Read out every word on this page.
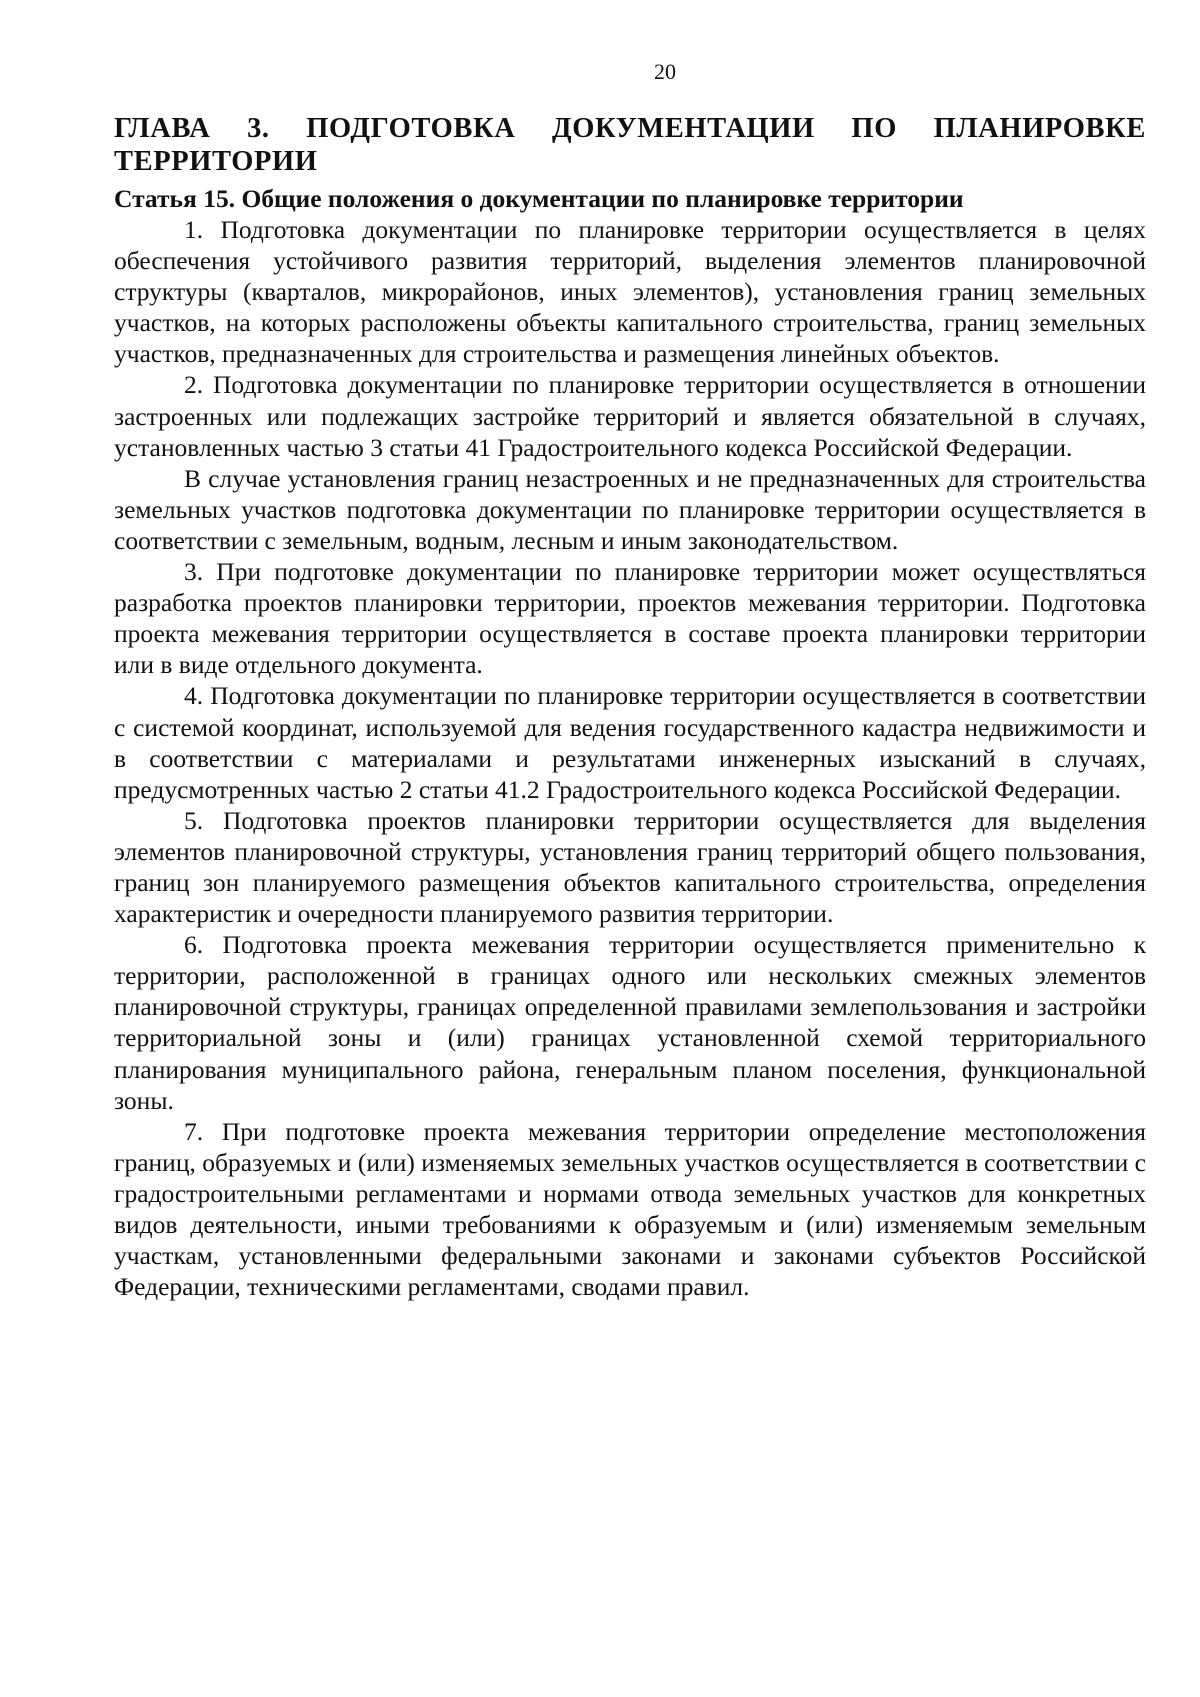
20
ГЛАВА 3. ПОДГОТОВКА ДОКУМЕНТАЦИИ ПО ПЛАНИРОВКЕ ТЕРРИТОРИИ
Статья 15. Общие положения о документации по планировке территории

1. Подготовка документации по планировке территории осуществляется в целях обеспечения устойчивого развития территорий, выделения элементов планировочной структуры (кварталов, микрорайонов, иных элементов), установления границ земельных участков, на которых расположены объекты капитального строительства, границ земельных участков, предназначенных для строительства и размещения линейных объектов.

2. Подготовка документации по планировке территории осуществляется в отношении застроенных или подлежащих застройке территорий и является обязательной в случаях, установленных частью 3 статьи 41 Градостроительного кодекса Российской Федерации.

В случае установления границ незастроенных и не предназначенных для строительства земельных участков подготовка документации по планировке территории осуществляется в соответствии с земельным, водным, лесным и иным законодательством.

3. При подготовке документации по планировке территории может осуществляться разработка проектов планировки территории, проектов межевания территории. Подготовка проекта межевания территории осуществляется в составе проекта планировки территории или в виде отдельного документа.

4. Подготовка документации по планировке территории осуществляется в соответствии с системой координат, используемой для ведения государственного кадастра недвижимости и в соответствии с материалами и результатами инженерных изысканий в случаях, предусмотренных частью 2 статьи 41.2 Градостроительного кодекса Российской Федерации.

5. Подготовка проектов планировки территории осуществляется для выделения элементов планировочной структуры, установления границ территорий общего пользования, границ зон планируемого размещения объектов капитального строительства, определения характеристик и очередности планируемого развития территории.

6. Подготовка проекта межевания территории осуществляется применительно к территории, расположенной в границах одного или нескольких смежных элементов планировочной структуры, границах определенной правилами землепользования и застройки территориальной зоны и (или) границах установленной схемой территориального планирования муниципального района, генеральным планом поселения, функциональной зоны.

7. При подготовке проекта межевания территории определение местоположения границ, образуемых и (или) изменяемых земельных участков осуществляется в соответствии с градостроительными регламентами и нормами отвода земельных участков для конкретных видов деятельности, иными требованиями к образуемым и (или) изменяемым земельным участкам, установленными федеральными законами и законами субъектов Российской Федерации, техническими регламентами, сводами правил.
